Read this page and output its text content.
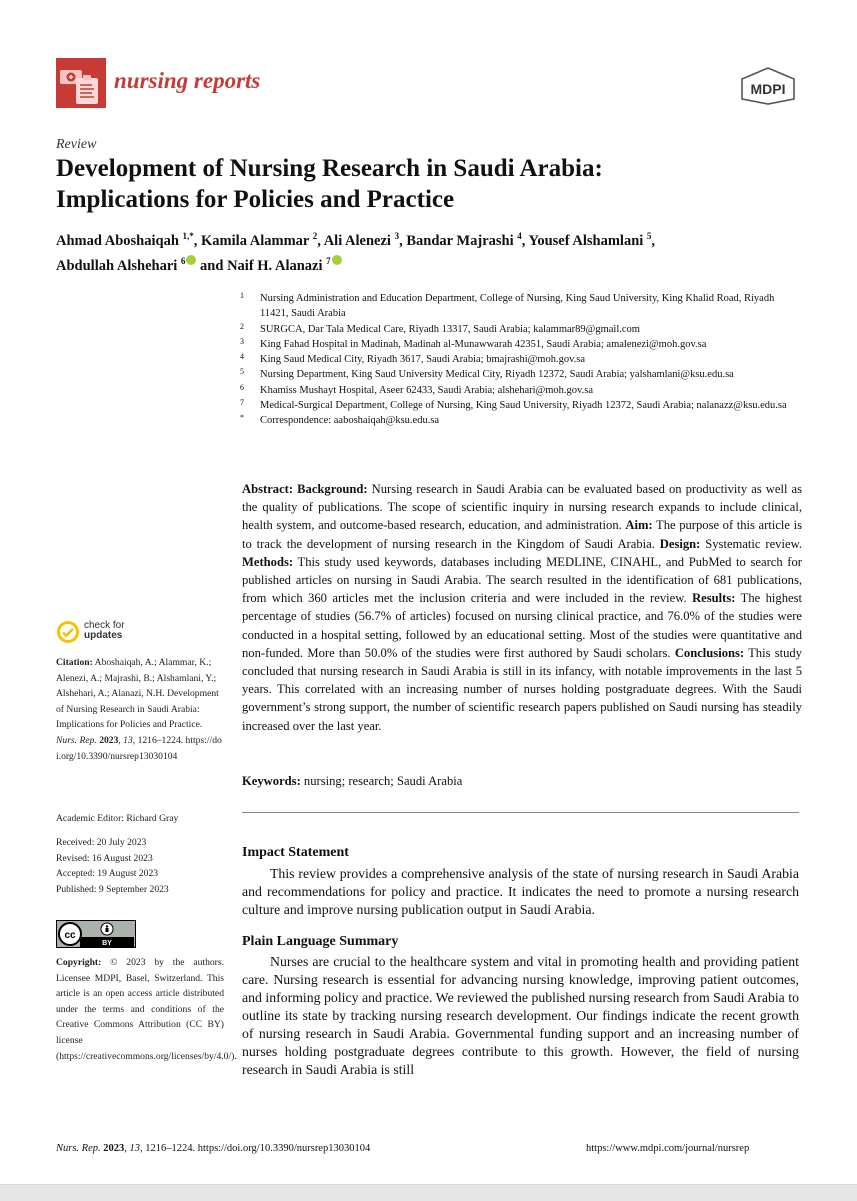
nursing reports	MDPI
Review
Development of Nursing Research in Saudi Arabia:
Implications for Policies and Practice
Ahmad Aboshaiqah $^{1,*}$, Kamila Alammar $^2$, Ali Alenezi $^3$, Bandar Majrashi $^4$, Yousef Alshamlani $^5$,
Abdullah Alshehari $^6$ and Naif H. Alanazi $^7$
1 Nursing Administration and Education Department, College of Nursing, King Saud University, King Khalid Road, Riyadh 11421, Saudi Arabia
2 SURGCA, Dar Tala Medical Care, Riyadh 13317, Saudi Arabia; kalammar89@gmail.com
3 King Fahad Hospital in Madinah, Madinah al-Munawwarah 42351, Saudi Arabia; amalenezi@moh.gov.sa
4 King Saud Medical City, Riyadh 3617, Saudi Arabia; bmajrashi@moh.gov.sa
5 Nursing Department, King Saud University Medical City, Riyadh 12372, Saudi Arabia; yalshamlani@ksu.edu.sa
6 Khamiss Mushayt Hospital, Aseer 62433, Saudi Arabia; alshehari@moh.gov.sa
7 Medical-Surgical Department, College of Nursing, King Saud University, Riyadh 12372, Saudi Arabia; nalanazz@ksu.edu.sa
* Correspondence: aaboshaiqah@ksu.edu.sa
Abstract: Background: Nursing research in Saudi Arabia can be evaluated based on productivity as well as the quality of publications. The scope of scientific inquiry in nursing research expands to include clinical, health system, and outcome-based research, education, and administration. Aim: The purpose of this article is to track the development of nursing research in the Kingdom of Saudi Arabia. Design: Systematic review. Methods: This study used keywords, databases including MEDLINE, CINAHL, and PubMed to search for published articles on nursing in Saudi Arabia. The search resulted in the identification of 681 publications, from which 360 articles met the inclusion criteria and were included in the review. Results: The highest percentage of studies (56.7% of articles) focused on nursing clinical practice, and 76.0% of the studies were conducted in a hospital setting, followed by an educational setting. Most of the studies were quantitative and non-funded. More than 50.0% of the studies were first authored by Saudi scholars. Conclusions: This study concluded that nursing research in Saudi Arabia is still in its infancy, with notable improvements in the last 5 years. This correlated with an increasing number of nurses holding postgraduate degrees. With the Saudi government’s strong support, the number of scientific research papers published on Saudi nursing has steadily increased over the last year.
Keywords: nursing; research; Saudi Arabia
Impact Statement
This review provides a comprehensive analysis of the state of nursing research in Saudi Arabia and recommendations for policy and practice. It indicates the need to promote a nursing research culture and improve nursing publication output in Saudi Arabia.
Plain Language Summary
Nurses are crucial to the healthcare system and vital in promoting health and providing patient care. Nursing research is essential for advancing nursing knowledge, improving patient outcomes, and informing policy and practice. We reviewed the published nursing research from Saudi Arabia to outline its state by tracking nursing research development. Our findings indicate the recent growth of nursing research in Saudi Arabia. Governmental funding support and an increasing number of nurses holding postgraduate degrees contribute to this growth. However, the field of nursing research in Saudi Arabia is still
check for
updates
Citation: Aboshaiqah, A.; Alammar, K.; Alenezi, A.; Majrashi, B.; Alshamlani, Y.; Alshehari, A.; Alanazi, N.H. Development of Nursing Research in Saudi Arabia: Implications for Policies and Practice. Nurs. Rep. 2023, 13, 1216–1224. https://doi.org/10.3390/nursrep13030104
Academic Editor: Richard Gray
Received: 20 July 2023
Revised: 16 August 2023
Accepted: 19 August 2023
Published: 9 September 2023
cc
BY
Copyright: © 2023 by the authors. Licensee MDPI, Basel, Switzerland. This article is an open access article distributed under the terms and conditions of the Creative Commons Attribution (CC BY) license (https://creativecommons.org/licenses/by/4.0/).
Nurs. Rep. 2023, 13, 1216–1224. https://doi.org/10.3390/nursrep13030104	https://www.mdpi.com/journal/nursrep
